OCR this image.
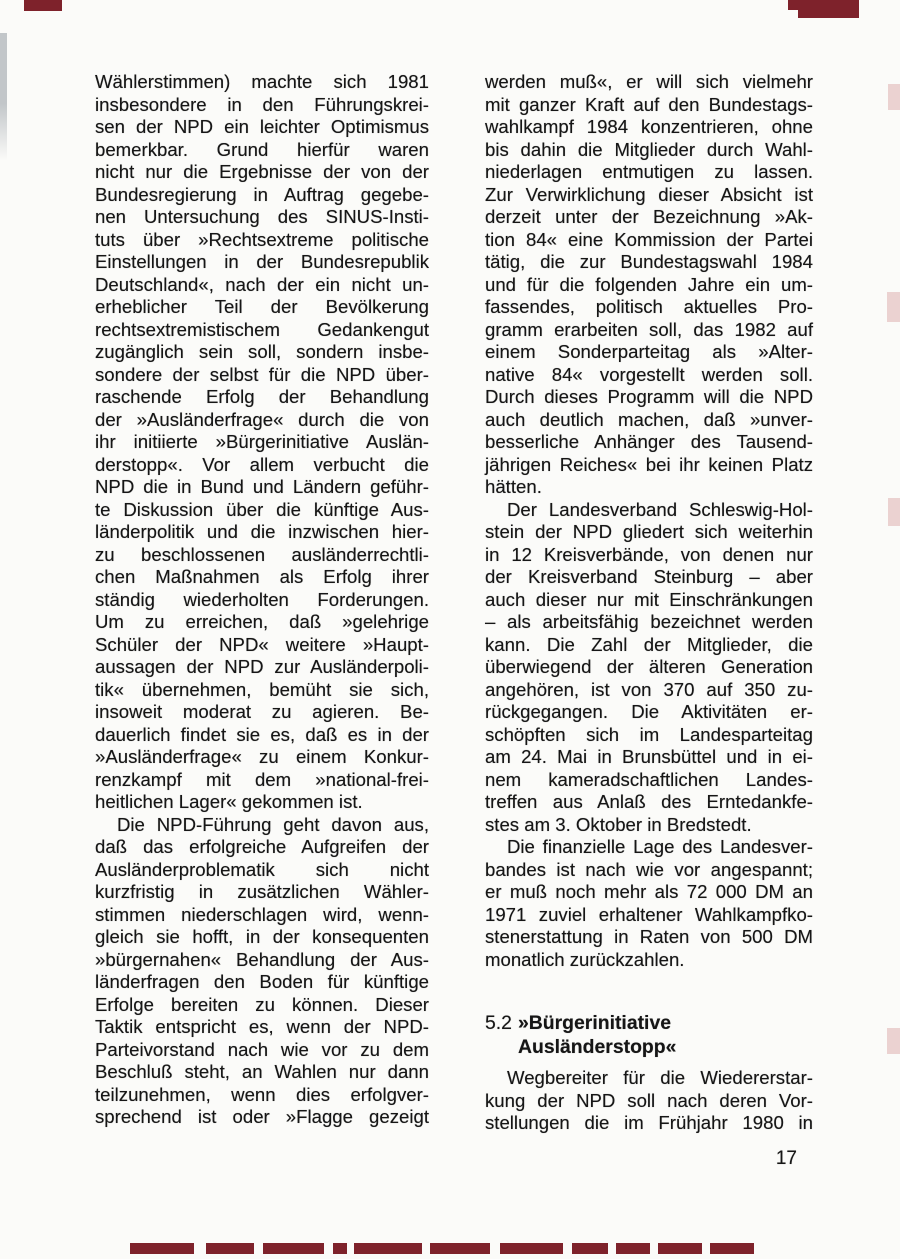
Wählerstimmen) machte sich 1981
insbesondere in den Führungskrei-
sen der NPD ein leichter Optimismus
bemerkbar. Grund hierfür waren
nicht nur die Ergebnisse der von der
Bundesregierung in Auftrag gegebe-
nen Untersuchung des SINUS-Insti-
tuts über »Rechtsextreme politische
Einstellungen in der Bundesrepublik
Deutschland«, nach der ein nicht un-
erheblicher Teil der Bevölkerung
rechtsextremistischem Gedankengut
zugänglich sein soll, sondern insbe-
sondere der selbst für die NPD über-
raschende Erfolg der Behandlung
der »Ausländerfrage« durch die von
ihr initiierte »Bürgerinitiative Auslän-
derstopp«. Vor allem verbucht die
NPD die in Bund und Ländern geführ-
te Diskussion über die künftige Aus-
länderpolitik und die inzwischen hier-
zu beschlossenen ausländerrechtli-
chen Maßnahmen als Erfolg ihrer
ständig wiederholten Forderungen.
Um zu erreichen, daß »gelehrige
Schüler der NPD« weitere »Haupt-
aussagen der NPD zur Ausländerpoli-
tik« übernehmen, bemüht sie sich,
insoweit moderat zu agieren. Be-
dauerlich findet sie es, daß es in der
»Ausländerfrage« zu einem Konkur-
renzkampf mit dem »national-frei-
heitlichen Lager« gekommen ist.
Die NPD-Führung geht davon aus,
daß das erfolgreiche Aufgreifen der
Ausländerproblematik sich nicht
kurzfristig in zusätzlichen Wähler-
stimmen niederschlagen wird, wenn-
gleich sie hofft, in der konsequenten
»bürgernahen« Behandlung der Aus-
länderfragen den Boden für künftige
Erfolge bereiten zu können. Dieser
Taktik entspricht es, wenn der NPD-
Parteivorstand nach wie vor zu dem
Beschluß steht, an Wahlen nur dann
teilzunehmen, wenn dies erfolgver-
sprechend ist oder »Flagge gezeigt
werden muß«, er will sich vielmehr
mit ganzer Kraft auf den Bundestags-
wahlkampf 1984 konzentrieren, ohne
bis dahin die Mitglieder durch Wahl-
niederlagen entmutigen zu lassen.
Zur Verwirklichung dieser Absicht ist
derzeit unter der Bezeichnung »Ak-
tion 84« eine Kommission der Partei
tätig, die zur Bundestagswahl 1984
und für die folgenden Jahre ein um-
fassendes, politisch aktuelles Pro-
gramm erarbeiten soll, das 1982 auf
einem Sonderparteitag als »Alter-
native 84« vorgestellt werden soll.
Durch dieses Programm will die NPD
auch deutlich machen, daß »unver-
besserliche Anhänger des Tausend-
jährigen Reiches« bei ihr keinen Platz
hätten.
Der Landesverband Schleswig-Hol-
stein der NPD gliedert sich weiterhin
in 12 Kreisverbände, von denen nur
der Kreisverband Steinburg – aber
auch dieser nur mit Einschränkungen
– als arbeitsfähig bezeichnet werden
kann. Die Zahl der Mitglieder, die
überwiegend der älteren Generation
angehören, ist von 370 auf 350 zu-
rückgegangen. Die Aktivitäten er-
schöpften sich im Landesparteitag
am 24. Mai in Brunsbüttel und in ei-
nem kameradschaftlichen Landes-
treffen aus Anlaß des Erntedankfe-
stes am 3. Oktober in Bredstedt.
Die finanzielle Lage des Landesver-
bandes ist nach wie vor angespannt;
er muß noch mehr als 72 000 DM an
1971 zuviel erhaltener Wahlkampfko-
stenerstattung in Raten von 500 DM
monatlich zurückzahlen.
5.2 »Bürgerinitiative
Ausländerstopp«
Wegbereiter für die Wiedererstar-
kung der NPD soll nach deren Vor-
stellungen die im Frühjahr 1980 in
17
